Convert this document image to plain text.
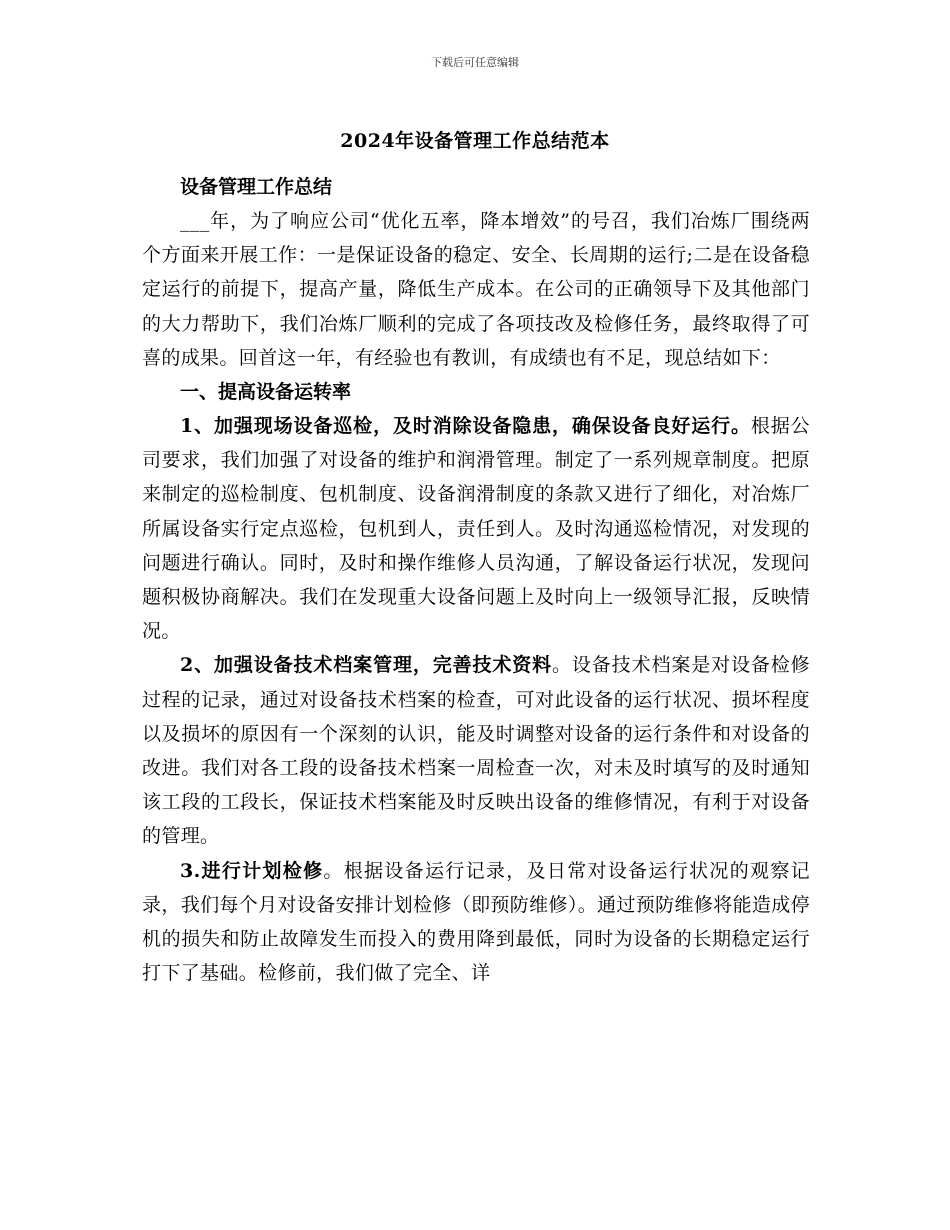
下载后可任意编辑
2024年设备管理工作总结范本

设备管理工作总结

___年，为了响应公司“优化五率，降本增效”的号召，我们冶炼厂围绕两个方面来开展工作：一是保证设备的稳定、安全、长周期的运行;二是在设备稳定运行的前提下，提高产量，降低生产成本。在公司的正确领导下及其他部门的大力帮助下，我们冶炼厂顺利的完成了各项技改及检修任务，最终取得了可喜的成果。回首这一年，有经验也有教训，有成绩也有不足，现总结如下：

一、提高设备运转率

1、加强现场设备巡检，及时消除设备隐患，确保设备良好运行。根据公司要求，我们加强了对设备的维护和润滑管理。制定了一系列规章制度。把原来制定的巡检制度、包机制度、设备润滑制度的条款又进行了细化，对冶炼厂所属设备实行定点巡检，包机到人，责任到人。及时沟通巡检情况，对发现的问题进行确认。同时，及时和操作维修人员沟通，了解设备运行状况，发现问题积极协商解决。我们在发现重大设备问题上及时向上一级领导汇报，反映情况。

2、加强设备技术档案管理，完善技术资料。设备技术档案是对设备检修过程的记录，通过对设备技术档案的检查，可对此设备的运行状况、损坏程度以及损坏的原因有一个深刻的认识，能及时调整对设备的运行条件和对设备的改进。我们对各工段的设备技术档案一周检查一次，对未及时填写的及时通知该工段的工段长，保证技术档案能及时反映出设备的维修情况，有利于对设备的管理。

3.进行计划检修。根据设备运行记录，及日常对设备运行状况的观察记录，我们每个月对设备安排计划检修（即预防维修）。通过预防维修将能造成停机的损失和防止故障发生而投入的费用降到最低，同时为设备的长期稳定运行打下了基础。检修前，我们做了完全、详
